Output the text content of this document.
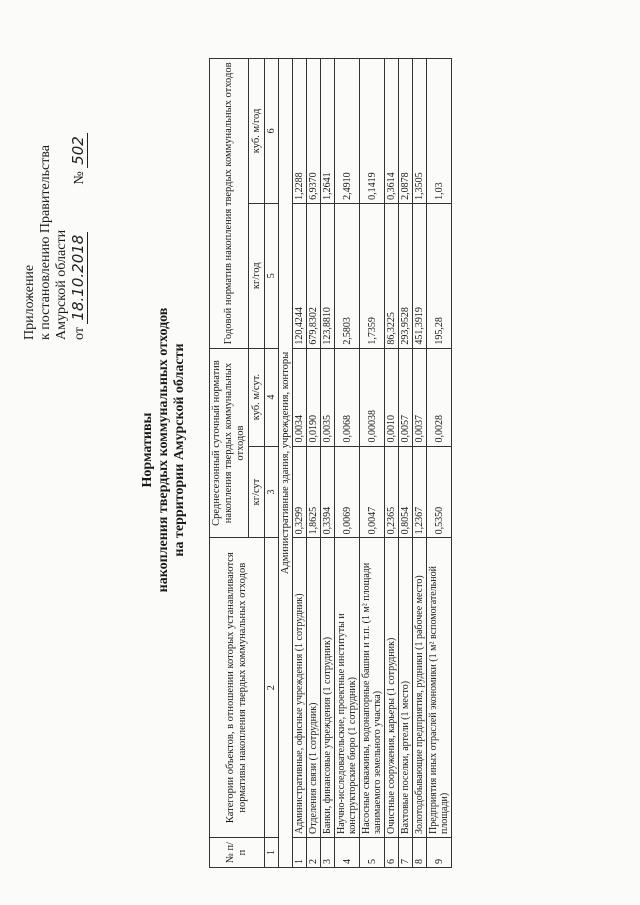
Приложение к постановлению Правительства Амурской области от 18.10.2018  № 502
Нормативы накопления твердых коммунальных отходов на территории Амурской области
№ п/п	Категории объектов, в отношении которых устанавливаются нормативы накопления твердых коммунальных отходов	Среднесезонный суточный норматив накопления твердых коммунальных отходов		Годовой норматив накопления твердых коммунальных отходов	
		кг/сут	куб. м/сут.	кг/год	куб. м/год
1	2	3	4	5	6
Административные здания, учреждения, конторы					
1	Административные, офисные учреждения (1 сотрудник)	0,3299	0,0034	120,4244	1,2288
2	Отделения связи (1 сотрудник)	1,8625	0,0190	679,8302	6,9370
3	Банки, финансовые учреждения (1 сотрудник)	0,3394	0,0035	123,8810	1,2641
4	Научно-исследовательские, проектные институты и конструкторские бюро (1 сотрудник)	0,0069	0,0068	2,5803	2,4910
5	Насосные скважины, водонапорные башни и т.п. (1 м² площади занимаемого земельного участка)	0,0047	0,00038	1,7359	0,1419
6	Очистные сооружения, карьеры (1 сотрудник)	0,2365	0,0010	86,3225	0,3614
7	Вахтовые поселки, артели (1 место)	0,8054	0,0057	293,9528	2,0878
8	Золотодобывающие предприятия, рудники (1 рабочее место)	1,2367	0,0037	451,3919	1,3505
9	Предприятия иных отраслей экономики (1 м² вспомогательной площади)	0,5350	0,0028	195,28	1,03
